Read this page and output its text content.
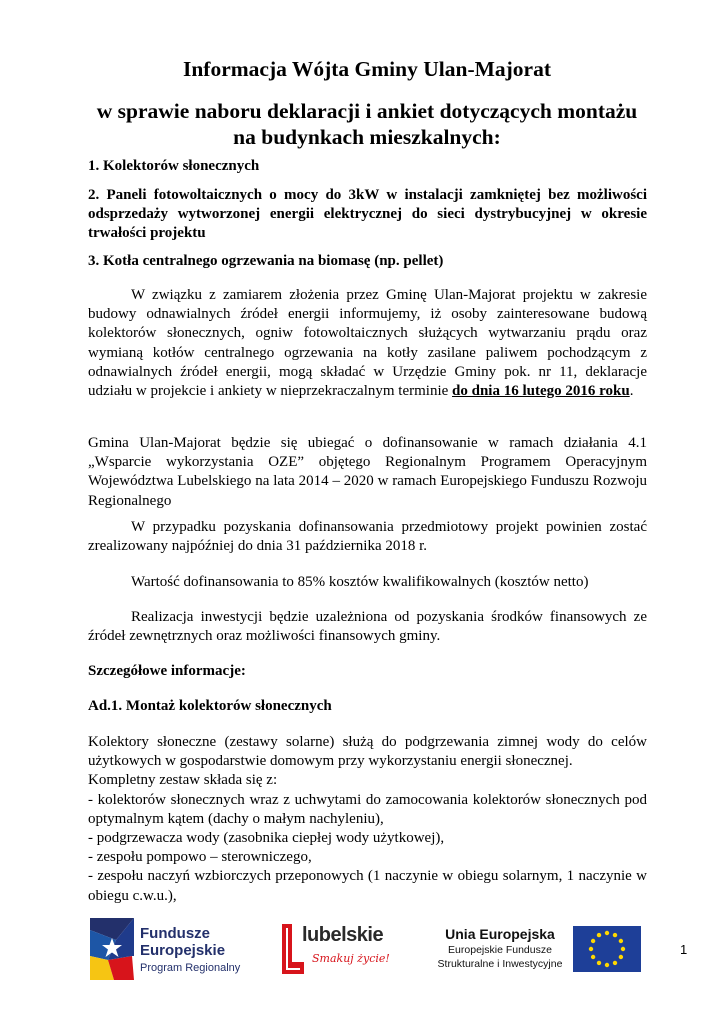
Informacja Wójta Gminy Ulan-Majorat
w sprawie naboru deklaracji i ankiet dotyczących montażu na budynkach mieszkalnych:
1. Kolektorów słonecznych
2. Paneli fotowoltaicznych o mocy do 3kW w instalacji zamkniętej bez możliwości odsprzedaży wytworzonej energii elektrycznej do sieci dystrybucyjnej w okresie trwałości projektu
3. Kotła centralnego ogrzewania na biomasę (np. pellet)
W związku z zamiarem złożenia przez Gminę Ulan-Majorat projektu w zakresie budowy odnawialnych źródeł energii informujemy, iż osoby zainteresowane budową kolektorów słonecznych, ogniw fotowoltaicznych służących wytwarzaniu prądu oraz wymianą kotłów centralnego ogrzewania na kotły zasilane paliwem pochodzącym z odnawialnych źródeł energii, mogą składać w Urzędzie Gminy pok. nr 11, deklaracje udziału w projekcie i ankiety w nieprzekraczalnym terminie do dnia 16 lutego 2016 roku.
Gmina Ulan-Majorat będzie się ubiegać o dofinansowanie w ramach działania 4.1 „Wsparcie wykorzystania OZE” objętego Regionalnym Programem Operacyjnym Województwa Lubelskiego na lata 2014 – 2020 w ramach Europejskiego Funduszu Rozwoju Regionalnego
W przypadku pozyskania dofinansowania przedmiotowy projekt powinien zostać zrealizowany najpóźniej do dnia 31 października 2018 r.
Wartość dofinansowania to 85% kosztów kwalifikowalnych (kosztów netto)
Realizacja inwestycji będzie uzależniona od pozyskania środków finansowych ze źródeł zewnętrznych oraz możliwości finansowych gminy.
Szczegółowe informacje:
Ad.1. Montaż kolektorów słonecznych
Kolektory słoneczne (zestawy solarne) służą do podgrzewania zimnej wody do celów użytkowych w gospodarstwie domowym przy wykorzystaniu energii słonecznej.
Kompletny zestaw składa się z:
- kolektorów słonecznych wraz z uchwytami do zamocowania kolektorów słonecznych pod optymalnym kątem (dachy o małym nachyleniu),
- podgrzewacza wody (zasobnika ciepłej wody użytkowej),
- zespołu pompowo – sterowniczego,
- zespołu naczyń wzbiorczych przeponowych (1 naczynie w obiegu solarnym, 1 naczynie w obiegu c.w.u.),
Fundusze
Europejskie
Program Regionalny
lubelskie
Smakuj życie!
Unia Europejska
Europejskie Fundusze
Strukturalne i Inwestycyjne
1
